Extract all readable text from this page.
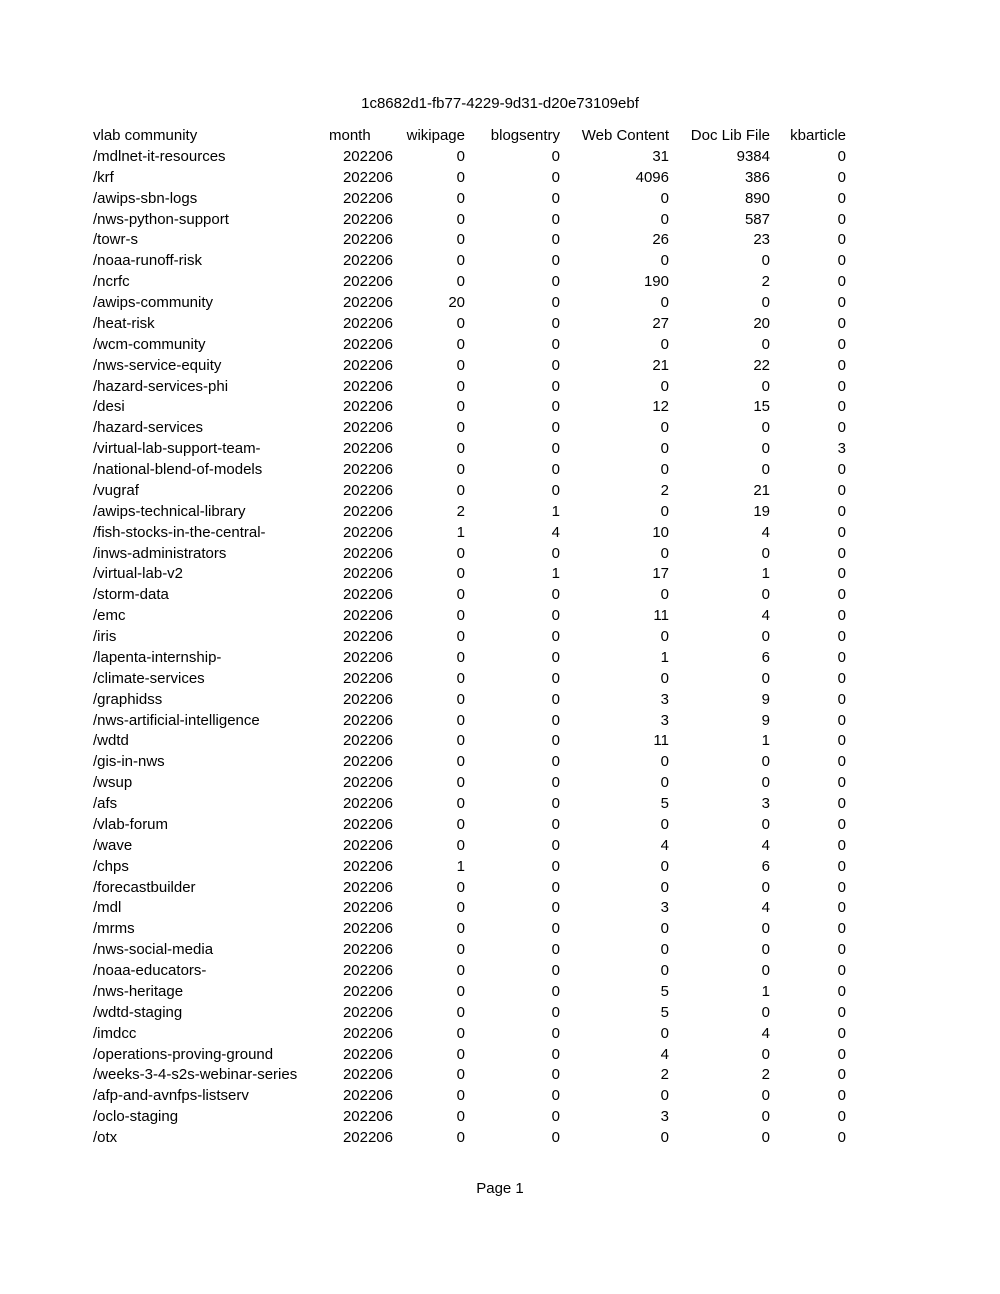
1c8682d1-fb77-4229-9d31-d20e73109ebf
vlab community	month	wikipage	blogsentry	Web Content	Doc Lib File	kbarticle
/mdlnet-it-resources	202206	0	0	31	9384	0
/krf	202206	0	0	4096	386	0
/awips-sbn-logs	202206	0	0	0	890	0
/nws-python-support	202206	0	0	0	587	0
/towr-s	202206	0	0	26	23	0
/noaa-runoff-risk	202206	0	0	0	0	0
/ncrfc	202206	0	0	190	2	0
/awips-community	202206	20	0	0	0	0
/heat-risk	202206	0	0	27	20	0
/wcm-community	202206	0	0	0	0	0
/nws-service-equity	202206	0	0	21	22	0
/hazard-services-phi	202206	0	0	0	0	0
/desi	202206	0	0	12	15	0
/hazard-services	202206	0	0	0	0	0
/virtual-lab-support-team-	202206	0	0	0	0	3
/national-blend-of-models	202206	0	0	0	0	0
/vugraf	202206	0	0	2	21	0
/awips-technical-library	202206	2	1	0	19	0
/fish-stocks-in-the-central-	202206	1	4	10	4	0
/inws-administrators	202206	0	0	0	0	0
/virtual-lab-v2	202206	0	1	17	1	0
/storm-data	202206	0	0	0	0	0
/emc	202206	0	0	11	4	0
/iris	202206	0	0	0	0	0
/lapenta-internship-	202206	0	0	1	6	0
/climate-services	202206	0	0	0	0	0
/graphidss	202206	0	0	3	9	0
/nws-artificial-intelligence	202206	0	0	3	9	0
/wdtd	202206	0	0	11	1	0
/gis-in-nws	202206	0	0	0	0	0
/wsup	202206	0	0	0	0	0
/afs	202206	0	0	5	3	0
/vlab-forum	202206	0	0	0	0	0
/wave	202206	0	0	4	4	0
/chps	202206	1	0	0	6	0
/forecastbuilder	202206	0	0	0	0	0
/mdl	202206	0	0	3	4	0
/mrms	202206	0	0	0	0	0
/nws-social-media	202206	0	0	0	0	0
/noaa-educators-	202206	0	0	0	0	0
/nws-heritage	202206	0	0	5	1	0
/wdtd-staging	202206	0	0	5	0	0
/imdcc	202206	0	0	0	4	0
/operations-proving-ground	202206	0	0	4	0	0
/weeks-3-4-s2s-webinar-series	202206	0	0	2	2	0
/afp-and-avnfps-listserv	202206	0	0	0	0	0
/oclo-staging	202206	0	0	3	0	0
/otx	202206	0	0	0	0	0
Page 1
